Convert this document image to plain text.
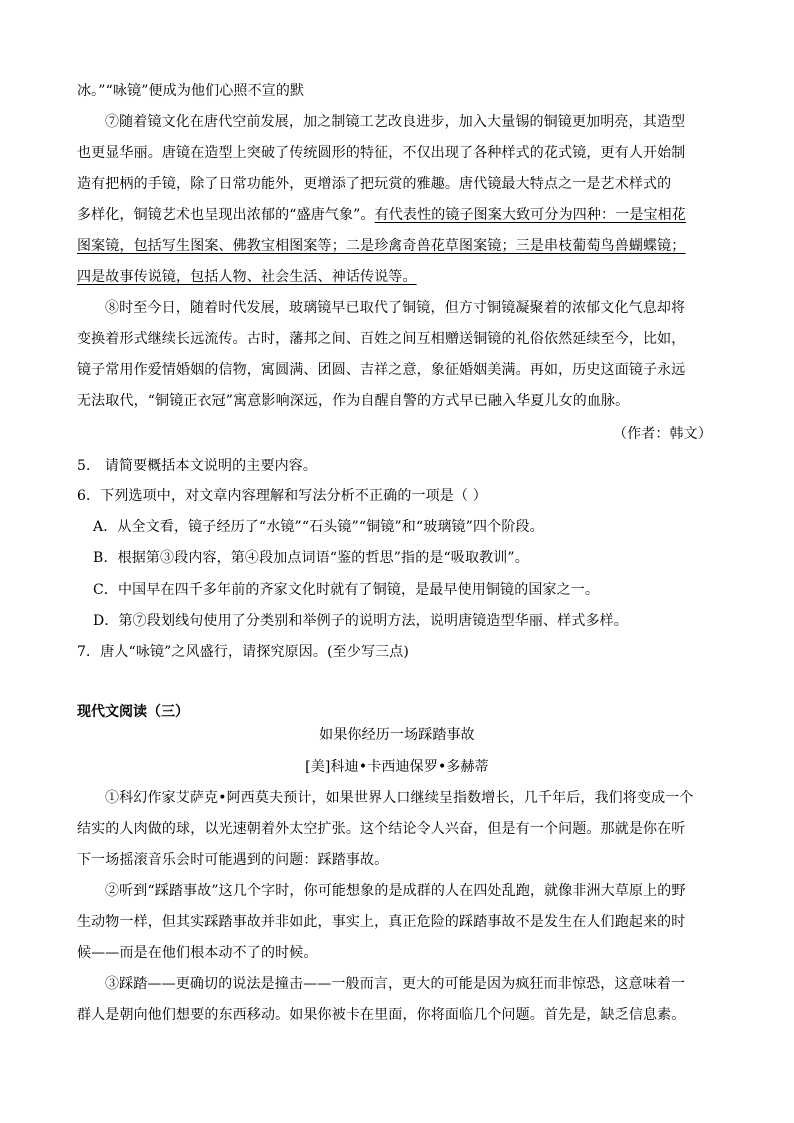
冰。”“咏镜”便成为他们心照不宣的默
⑦随着镜文化在唐代空前发展，加之制镜工艺改良进步，加入大量锡的铜镜更加明亮，其造型
也更显华丽。唐镜在造型上突破了传统圆形的特征，不仅出现了各种样式的花式镜，更有人开始制
造有把柄的手镜，除了日常功能外，更增添了把玩赏的雅趣。唐代镜最大特点之一是艺术样式的
多样化，铜镜艺术也呈现出浓郁的“盛唐气象”。有代表性的镜子图案大致可分为四种：一是宝相花
图案镜，包括写生图案、佛教宝相图案等；二是珍禽奇兽花草图案镜；三是串枝葡萄鸟兽蝴蝶镜；
四是故事传说镜，包括人物、社会生活、神话传说等。
⑧时至今日，随着时代发展，玻璃镜早已取代了铜镜，但方寸铜镜凝聚着的浓郁文化气息却将
变换着形式继续长远流传。古时，藩邦之间、百姓之间互相赠送铜镜的礼俗依然延续至今，比如，
镜子常用作爱情婚姻的信物，寓圆满、团圆、吉祥之意，象征婚姻美满。再如，历史这面镜子永远
无法取代，“铜镜正衣冠”寓意影响深远，作为自醒自警的方式早已融入华夏儿女的血脉。
（作者：韩文）
5． 请简要概括本文说明的主要内容。
6．下列选项中，对文章内容理解和写法分析不正确的一项是（ ）
A．从全文看，镜子经历了“水镜”“石头镜”“铜镜”和“玻璃镜”四个阶段。
B．根据第③段内容，第④段加点词语“鉴的哲思”指的是“吸取教训”。
C．中国早在四千多年前的齐家文化时就有了铜镜，是最早使用铜镜的国家之一。
D．第⑦段划线句使用了分类别和举例子的说明方法，说明唐镜造型华丽、样式多样。
7．唐人“咏镜”之风盛行，请探究原因。(至少写三点)
现代文阅读（三）
如果你经历一场踩踏事故
[美]科迪•卡西迪保罗•多赫蒂
①科幻作家艾萨克•阿西莫夫预计，如果世界人口继续呈指数增长，几千年后，我们将变成一个
结实的人肉做的球，以光速朝着外太空扩张。这个结论令人兴奋，但是有一个问题。那就是你在听
下一场摇滚音乐会时可能遇到的问题：踩踏事故。
②听到“踩踏事故”这几个字时，你可能想象的是成群的人在四处乱跑，就像非洲大草原上的野
生动物一样，但其实踩踏事故并非如此，事实上，真正危险的踩踏事故不是发生在人们跑起来的时
候——而是在他们根本动不了的时候。
③踩踏——更确切的说法是撞击——一般而言，更大的可能是因为疯狂而非惊恐，这意味着一
群人是朝向他们想要的东西移动。如果你被卡在里面，你将面临几个问题。首先是，缺乏信息素。
